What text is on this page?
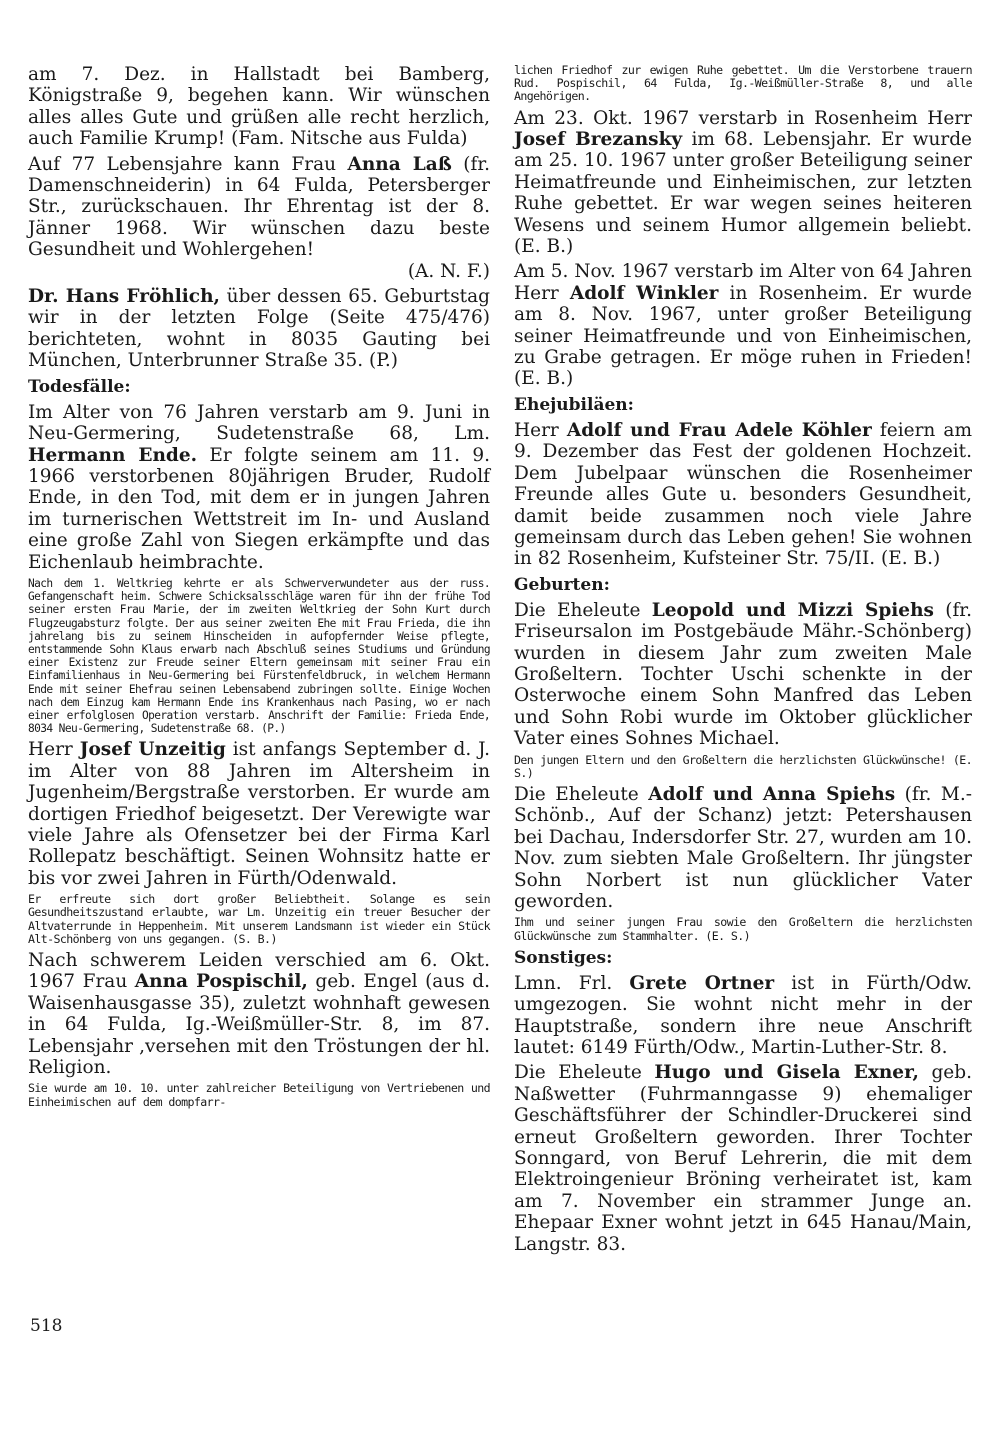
am 7. Dez. in Hallstadt bei Bamberg, Königstraße 9, begehen kann. Wir wünschen alles alles Gute und grüßen alle recht herzlich, auch Familie Krump! (Fam. Nitsche aus Fulda)

Auf 77 Lebensjahre kann Frau Anna Laß (fr. Damenschneiderin) in 64 Fulda, Petersberger Str., zurückschauen. Ihr Ehrentag ist der 8. Jänner 1968. Wir wünschen dazu beste Gesundheit und Wohlergehen!
(A. N. F.)

Dr. Hans Fröhlich, über dessen 65. Geburtstag wir in der letzten Folge (Seite 475/476) berichteten, wohnt in 8035 Gauting bei München, Unterbrunner Straße 35. (P.)

Todesfälle:

Im Alter von 76 Jahren verstarb am 9. Juni in Neu-Germering, Sudetenstraße 68, Lm. Hermann Ende. Er folgte seinem am 11. 9. 1966 verstorbenen 80jährigen Bruder, Rudolf Ende, in den Tod, mit dem er in jungen Jahren im turnerischen Wettstreit im In- und Ausland eine große Zahl von Siegen erkämpfte und das Eichenlaub heimbrachte.

Nach dem 1. Weltkrieg kehrte er als Schwerverwundeter aus der russ. Gefangenschaft heim. Schwere Schicksalsschläge waren für ihn der frühe Tod seiner ersten Frau Marie, der im zweiten Weltkrieg der Sohn Kurt durch Flugzeugabsturz folgte. Der aus seiner zweiten Ehe mit Frau Frieda, die ihn jahrelang bis zu seinem Hinscheiden in aufopfernder Weise pflegte, entstammende Sohn Klaus erwarb nach Abschluß seines Studiums und Gründung einer Existenz zur Freude seiner Eltern gemeinsam mit seiner Frau ein Einfamilienhaus in Neu-Germering bei Fürstenfeldbruck, in welchem Hermann Ende mit seiner Ehefrau seinen Lebensabend zubringen sollte. Einige Wochen nach dem Einzug kam Hermann Ende ins Krankenhaus nach Pasing, wo er nach einer erfolglosen Operation verstarb. Anschrift der Familie: Frieda Ende, 8034 Neu-Germering, Sudetenstraße 68. (P.)

Herr Josef Unzeitig ist anfangs September d. J. im Alter von 88 Jahren im Altersheim in Jugenheim/Bergstraße verstorben. Er wurde am dortigen Friedhof beigesetzt. Der Verewigte war viele Jahre als Ofensetzer bei der Firma Karl Rollepatz beschäftigt. Seinen Wohnsitz hatte er bis vor zwei Jahren in Fürth/Odenwald.

Er erfreute sich dort großer Beliebtheit. Solange es sein Gesundheitszustand erlaubte, war Lm. Unzeitig ein treuer Besucher der Altvaterrunde in Heppenheim. Mit unserem Landsmann ist wieder ein Stück Alt-Schönberg von uns gegangen. (S. B.)

Nach schwerem Leiden verschied am 6. Okt. 1967 Frau Anna Pospischil, geb. Engel (aus d. Waisenhausgasse 35), zuletzt wohnhaft gewesen in 64 Fulda, Ig.-Weißmüller-Str. 8, im 87. Lebensjahr ,versehen mit den Tröstungen der hl. Religion.

Sie wurde am 10. 10. unter zahlreicher Beteiligung von Vertriebenen und Einheimischen auf dem dompfarr-

lichen Friedhof zur ewigen Ruhe gebettet. Um die Verstorbene trauern Rud. Pospischil, 64 Fulda, Ig.-Weißmüller-Straße 8, und alle Angehörigen.

Am 23. Okt. 1967 verstarb in Rosenheim Herr Josef Brezansky im 68. Lebensjahr. Er wurde am 25. 10. 1967 unter großer Beteiligung seiner Heimatfreunde und Einheimischen, zur letzten Ruhe gebettet. Er war wegen seines heiteren Wesens und seinem Humor allgemein beliebt. (E. B.)

Am 5. Nov. 1967 verstarb im Alter von 64 Jahren Herr Adolf Winkler in Rosenheim. Er wurde am 8. Nov. 1967, unter großer Beteiligung seiner Heimatfreunde und von Einheimischen, zu Grabe getragen. Er möge ruhen in Frieden! (E. B.)

Ehejubiläen:

Herr Adolf und Frau Adele Köhler feiern am 9. Dezember das Fest der goldenen Hochzeit. Dem Jubelpaar wünschen die Rosenheimer Freunde alles Gute u. besonders Gesundheit, damit beide zusammen noch viele Jahre gemeinsam durch das Leben gehen! Sie wohnen in 82 Rosenheim, Kufsteiner Str. 75/II. (E. B.)

Geburten:

Die Eheleute Leopold und Mizzi Spiehs (fr. Friseursalon im Postgebäude Mähr.-Schönberg) wurden in diesem Jahr zum zweiten Male Großeltern. Tochter Uschi schenkte in der Osterwoche einem Sohn Manfred das Leben und Sohn Robi wurde im Oktober glücklicher Vater eines Sohnes Michael.

Den jungen Eltern und den Großeltern die herzlichsten Glückwünsche! (E. S.)

Die Eheleute Adolf und Anna Spiehs (fr. M.-Schönb., Auf der Schanz) jetzt: Petershausen bei Dachau, Indersdorfer Str. 27, wurden am 10. Nov. zum siebten Male Großeltern. Ihr jüngster Sohn Norbert ist nun glücklicher Vater geworden.

Ihm und seiner jungen Frau sowie den Großeltern die herzlichsten Glückwünsche zum Stammhalter. (E. S.)

Sonstiges:

Lmn. Frl. Grete Ortner ist in Fürth/Odw. umgezogen. Sie wohnt nicht mehr in der Hauptstraße, sondern ihre neue Anschrift lautet: 6149 Fürth/Odw., Martin-Luther-Str. 8.

Die Eheleute Hugo und Gisela Exner, geb. Naßwetter (Fuhrmanngasse 9) ehemaliger Geschäftsführer der Schindler-Druckerei sind erneut Großeltern geworden. Ihrer Tochter Sonngard, von Beruf Lehrerin, die mit dem Elektroingenieur Bröning verheiratet ist, kam am 7. November ein strammer Junge an. Ehepaar Exner wohnt jetzt in 645 Hanau/Main, Langstr. 83.

518
